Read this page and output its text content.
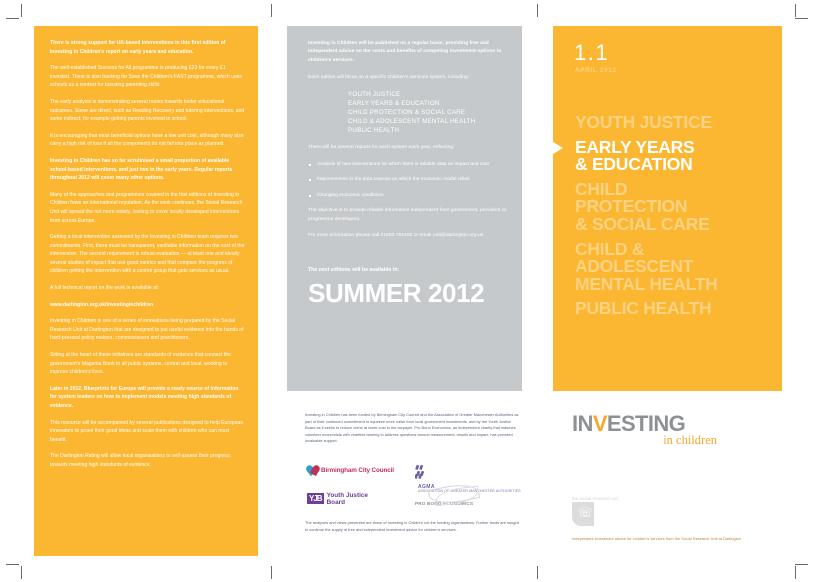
There is strong support for UK-based interventions in this first edition of Investing in Children's report on early years and education.

The well-established Success for All programme is producing £23 for every £1 invested. There is also backing for Save the Children's FAST programme, which uses schools as a context for boosting parenting skills.

The early analysis is demonstrating several routes towards better educational outcomes. Some are direct, such as Reading Recovery and tutoring interventions, and some indirect, for example getting parents involved in school.

It is encouraging that most beneficial options have a low unit cost, although many also carry a high risk of loss if all the components do not fall into place as planned.

Investing in Children has so far scrutinised a small proportion of available school-based interventions, and just two in the early years. Regular reports throughout 2012 will cover many other options.

Many of the approaches and programmes covered in the first editions of Investing in Children have an international reputation. As the work continues, the Social Research Unit will spread the net more widely, looking to cover locally developed interventions from across Europe.

Getting a local intervention assessed by the Investing in Children team requires two commitments. First, there must be transparent, verifiable information on the cost of the intervention. The second requirement is robust evaluation — at least one and ideally several studies of impact that use good metrics and that compare the progress of children getting the intervention with a control group that gets services as usual.

A full technical report on the work is available at:

www.dartington.org.uk/investinginchildren

Investing in Children is one of a series of innovations being prepared by the Social Research Unit at Dartington that are designed to put useful evidence into the hands of hard-pressed policy makers, commissioners and practitioners.

Sitting at the heart of these initiatives are standards of evidence that connect the government's Magenta Book to all public systems, central and local, working to improve children's lives.

Later in 2012, Blueprints for Europe will provide a ready source of information for system leaders on how to implement models meeting high standards of evidence.

This resource will be accompanied by several publications designed to help European innovators to prove their good ideas and scale them with children who can most benefit.

The Dartington Rating will allow local organisations to self-assess their progress towards meeting high standards of evidence.

Investing in Children will be published on a regular basis, providing free and independent advice on the costs and benefits of competing investment options in children's services.

Each edition will focus on a specific children's services system, including:

YOUTH JUSTICE
EARLY YEARS & EDUCATION
CHILD PROTECTION & SOCIAL CARE
CHILD & ADOLESCENT MENTAL HEALTH
PUBLIC HEALTH

There will be several reports for each system each year, reflecting:

Analysis of new interventions for which there is reliable data on impact and cost
Improvements in the data sources on which the economic model relies
Changing economic conditions

The objective is to provide reliable information independent from government, providers or programme developers.

For more information please call 01803 762400 or email unit@dartington.org.uk

The next editions will be available in:

SUMMER 2012

1.1
APRIL 2012
YOUTH JUSTICE
EARLY YEARS
& EDUCATION
CHILD
PROTECTION
& SOCIAL CARE
CHILD &
ADOLESCENT
MENTAL HEALTH
PUBLIC HEALTH

Investing in Children has been funded by Birmingham City Council and the Association of Greater Manchester Authorities as part of their continued commitment to squeeze more value from local government investments, and by the Youth Justice Board as it seeks to reduce crime at lower cost to the taxpayer. Pro Bono Economics, an independent charity that matches volunteer economists with charities wishing to address questions around measurement, results and impact, has provided invaluable support.

Birmingham City Council
YJB Youth Justice
Board
AGMA
ASSOCIATION OF GREATER MANCHESTER AUTHORITIES
PRO BONO ECONOMICS

The analyses and views presented are those of Investing in Children not the funding organisations. Further funds are sought to continue the supply of free and independent investment advice for children's services.

INVESTING
in children
the social research unit
☏
Independent investment advice for children's services from the Social Research Unit at Dartington
